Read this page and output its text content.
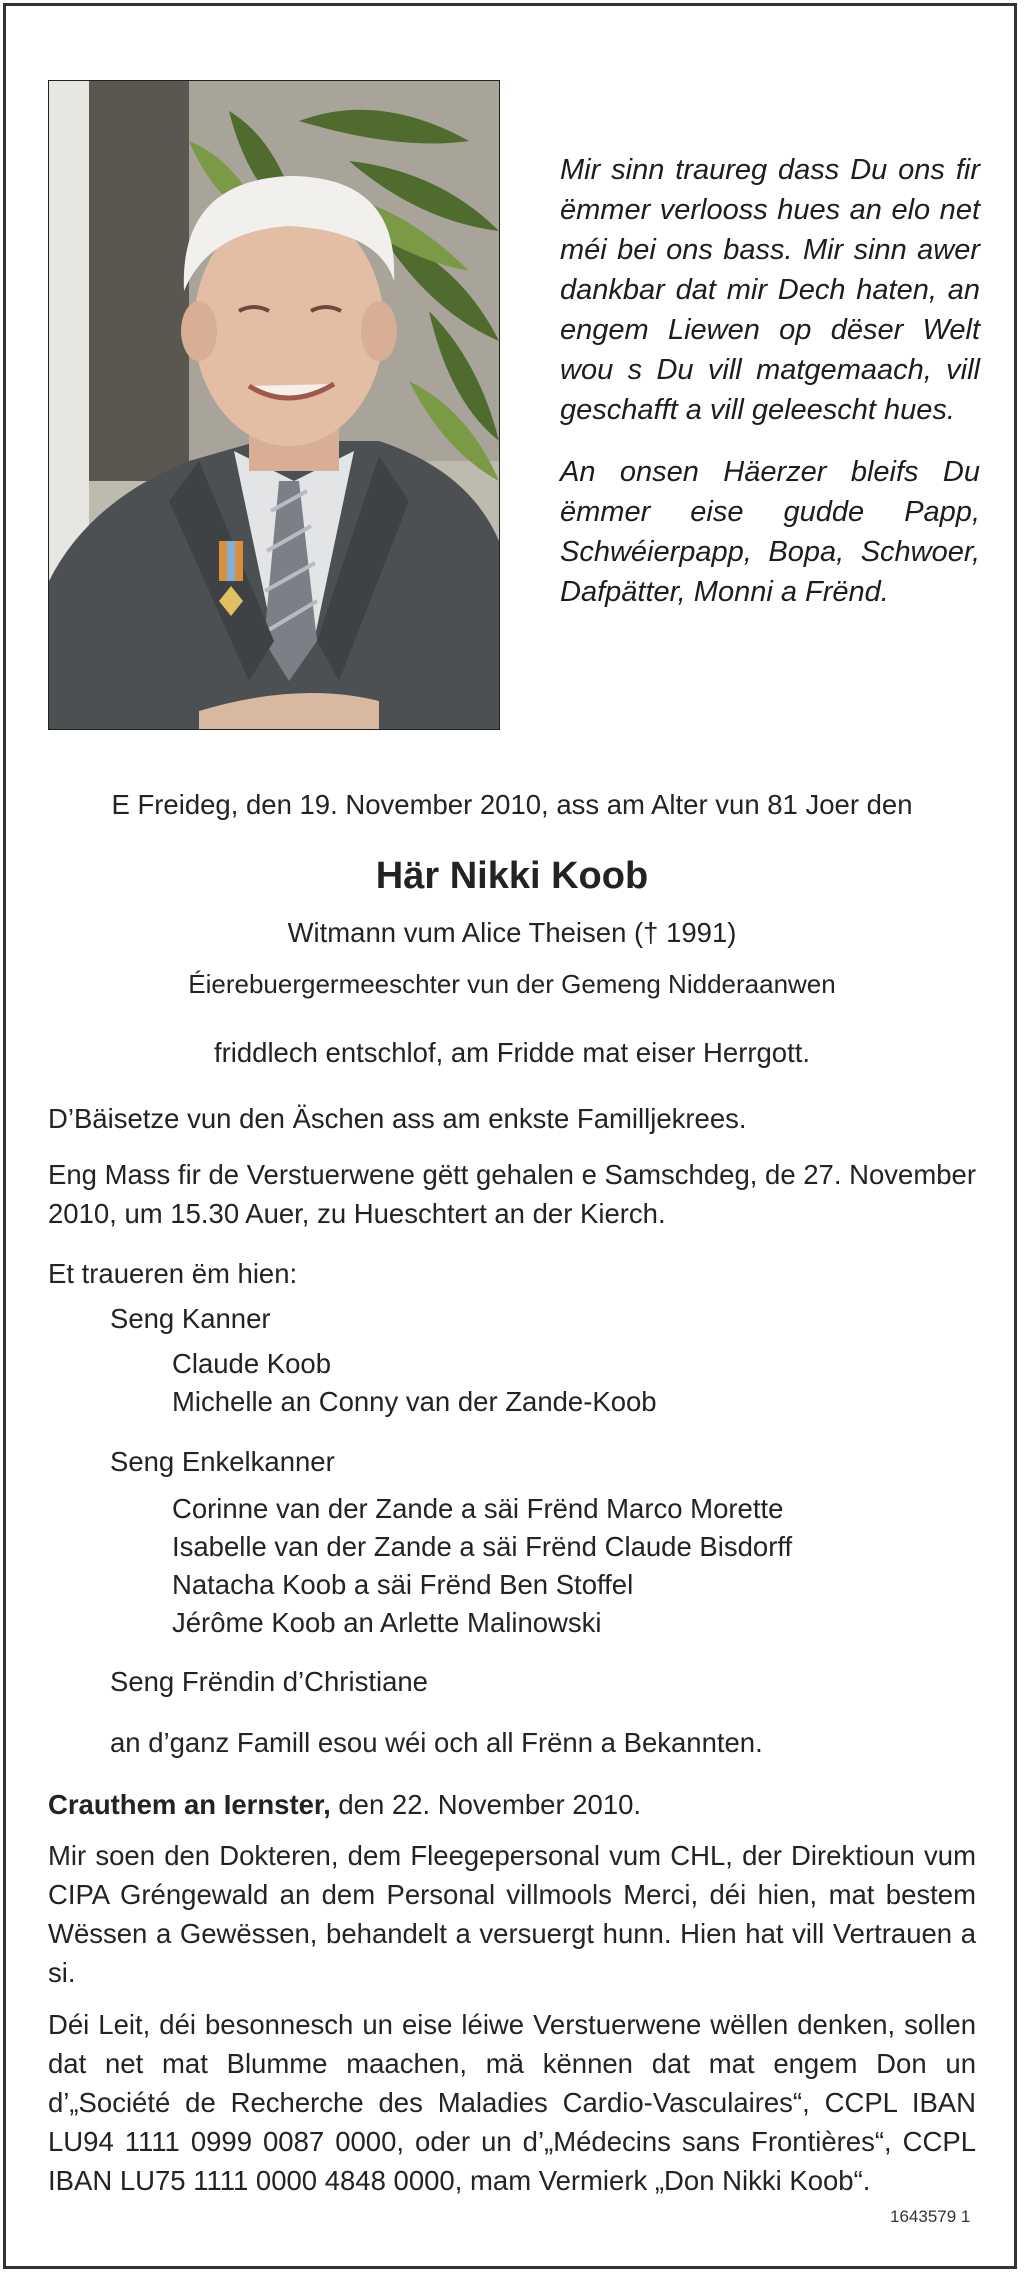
Mir sinn traureg dass Du ons fir ëmmer verlooss hues an elo net méi bei ons bass. Mir sinn awer dankbar dat mir Dech haten, an engem Liewen op dëser Welt wou s Du vill matgemaach, vill geschafft a vill geleescht hues.

An onsen Häerzer bleifs Du ëmmer eise gudde Papp, Schwéierpapp, Bopa, Schwoer, Dafpätter, Monni a Frënd.

E Freideg, den 19. November 2010, ass am Alter vun 81 Joer den
Här Nikki Koob
Witmann vum Alice Theisen († 1991)
Éierebuergermeeschter vun der Gemeng Nidderaanwen
friddlech entschlof, am Fridde mat eiser Herrgott.
D’Bäisetze vun den Äschen ass am enkste Familljekrees.
Eng Mass fir de Verstuerwene gëtt gehalen e Samschdeg, de 27. November 2010, um 15.30 Auer, zu Hueschtert an der Kierch.
Et traueren ëm hien:
Seng Kanner
Claude Koob
Michelle an Conny van der Zande-Koob
Seng Enkelkanner
Corinne van der Zande a säi Frënd Marco Morette
Isabelle van der Zande a säi Frënd Claude Bisdorff
Natacha Koob a säi Frënd Ben Stoffel
Jérôme Koob an Arlette Malinowski
Seng Frëndin d’Christiane
an d’ganz Famill esou wéi och all Frënn a Bekannten.
Crauthem an Iernster, den 22. November 2010.
Mir soen den Dokteren, dem Fleegepersonal vum CHL, der Direktioun vum CIPA Gréngewald an dem Personal villmools Merci, déi hien, mat bestem Wëssen a Gewëssen, behandelt a versuergt hunn. Hien hat vill Vertrauen a si.
Déi Leit, déi besonnesch un eise léiwe Verstuerwene wëllen denken, sollen dat net mat Blumme maachen, mä kënnen dat mat engem Don un d’„Société de Recherche des Maladies Cardio-Vasculaires“, CCPL IBAN LU94 1111 0999 0087 0000, oder un d’„Médecins sans Frontières“, CCPL IBAN LU75 1111 0000 4848 0000, mam Vermierk „Don Nikki Koob“.
1643579 1
